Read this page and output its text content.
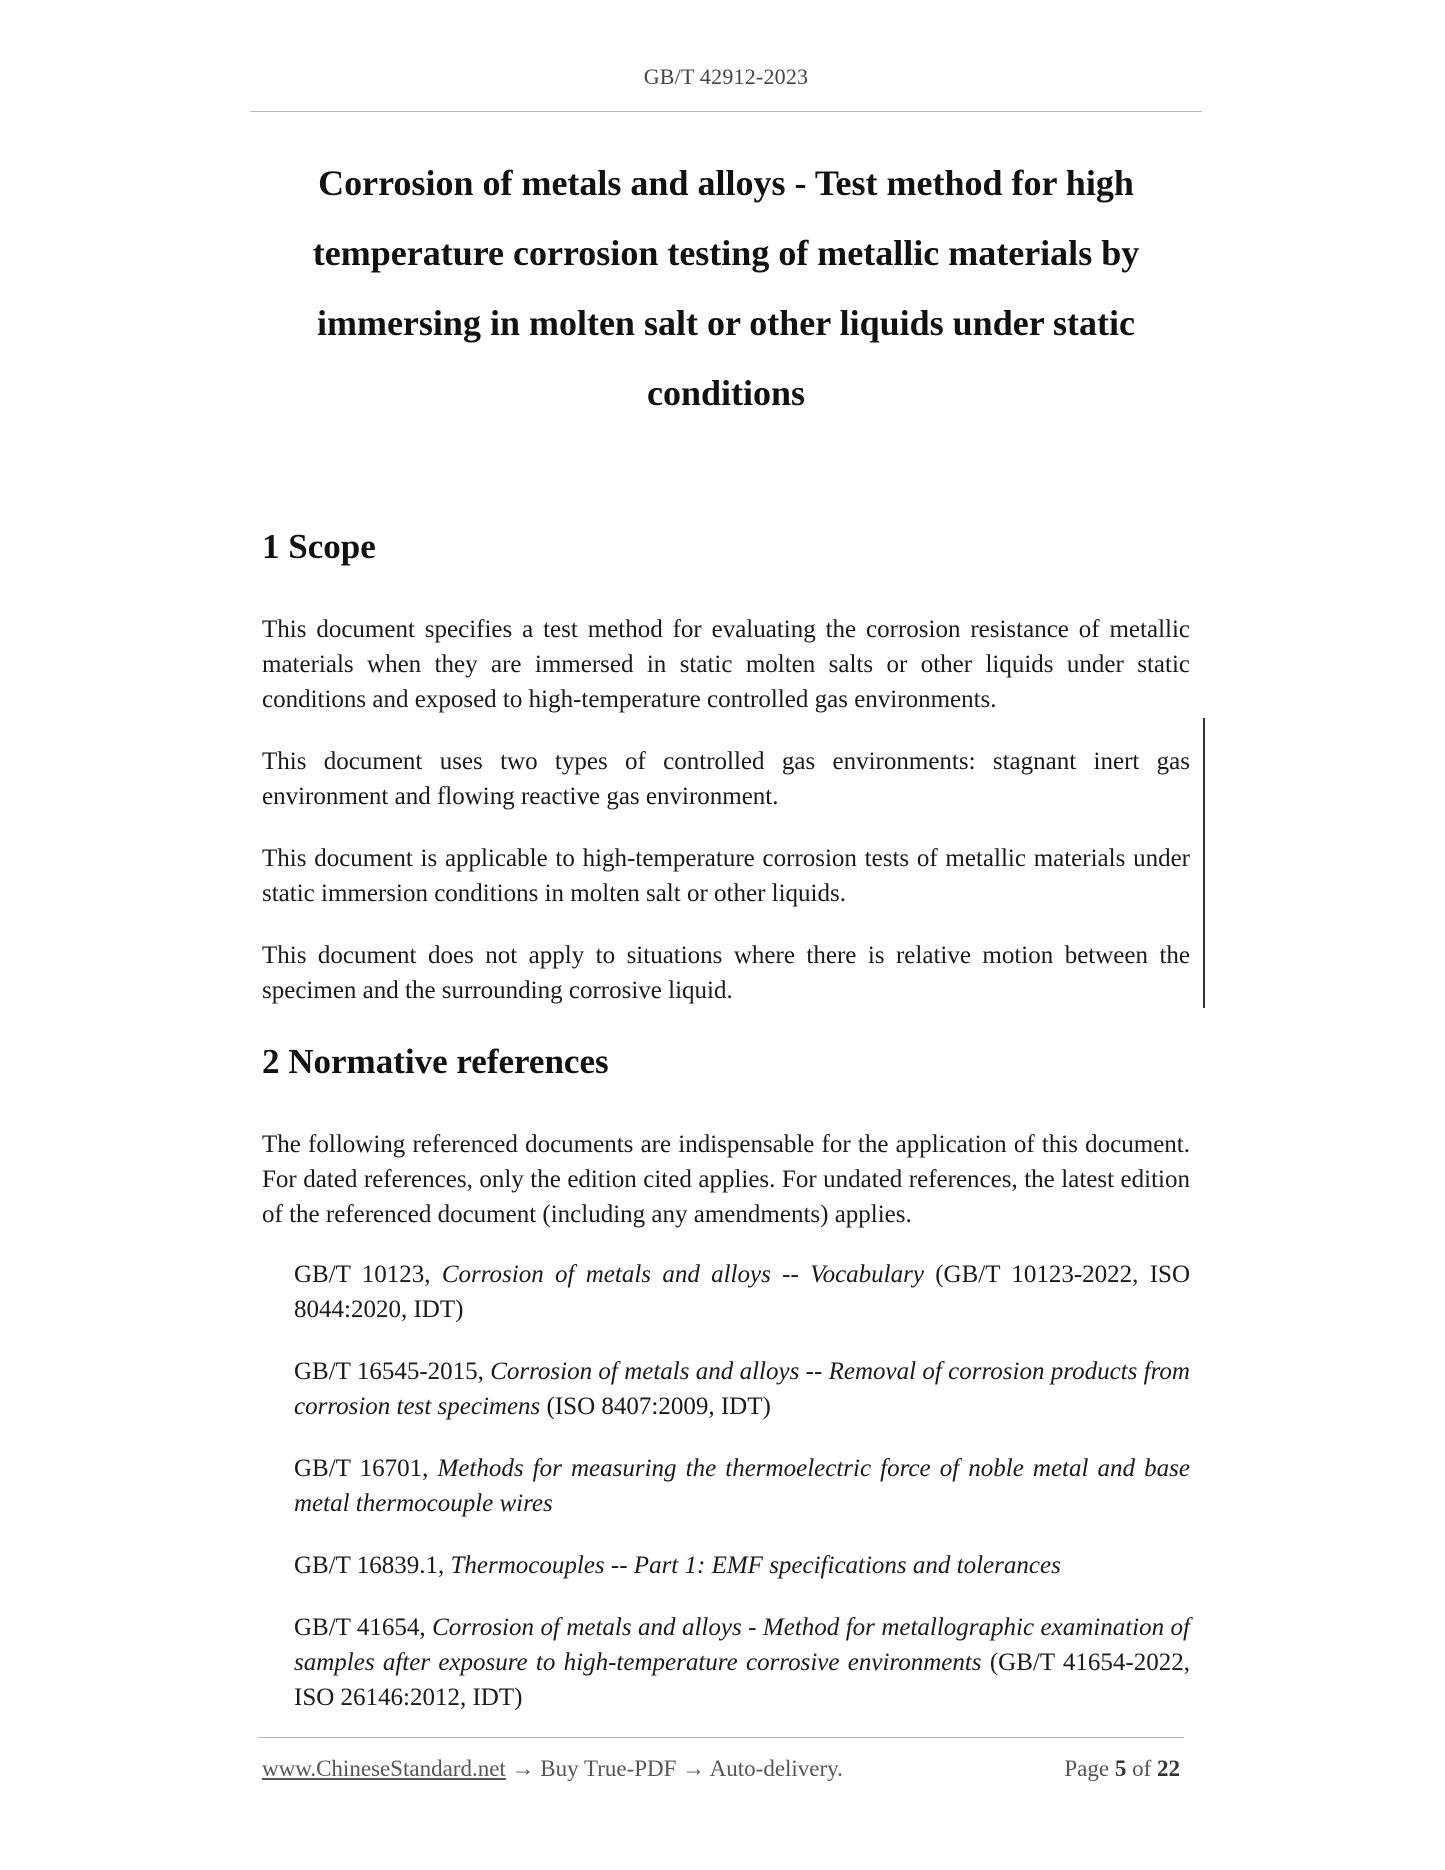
GB/T 42912-2023
Corrosion of metals and alloys - Test method for high temperature corrosion testing of metallic materials by immersing in molten salt or other liquids under static conditions
1 Scope

This document specifies a test method for evaluating the corrosion resistance of metallic materials when they are immersed in static molten salts or other liquids under static conditions and exposed to high-temperature controlled gas environments.

This document uses two types of controlled gas environments: stagnant inert gas environment and flowing reactive gas environment.

This document is applicable to high-temperature corrosion tests of metallic materials under static immersion conditions in molten salt or other liquids.

This document does not apply to situations where there is relative motion between the specimen and the surrounding corrosive liquid.

2 Normative references

The following referenced documents are indispensable for the application of this document. For dated references, only the edition cited applies. For undated references, the latest edition of the referenced document (including any amendments) applies.

GB/T 10123, Corrosion of metals and alloys -- Vocabulary (GB/T 10123-2022, ISO 8044:2020, IDT)

GB/T 16545-2015, Corrosion of metals and alloys -- Removal of corrosion products from corrosion test specimens (ISO 8407:2009, IDT)

GB/T 16701, Methods for measuring the thermoelectric force of noble metal and base metal thermocouple wires

GB/T 16839.1, Thermocouples -- Part 1: EMF specifications and tolerances

GB/T 41654, Corrosion of metals and alloys - Method for metallographic examination of samples after exposure to high-temperature corrosive environments (GB/T 41654-2022, ISO 26146:2012, IDT)

www.ChineseStandard.net → Buy True-PDF → Auto-delivery.	Page 5 of 22
